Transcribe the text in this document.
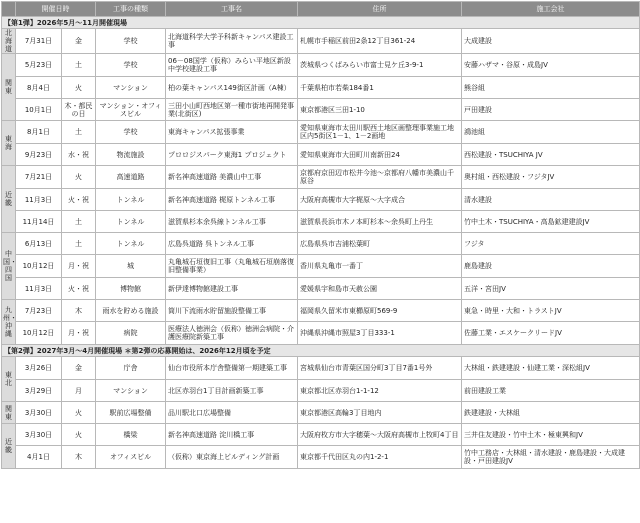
	開催日時		工事の種類	工事名	住所	施工会社
【第1弾】2026年5月～11月開催現場						
北海道	7月31日	金	学校	北海道科学大学予科新キャンパス建設工事	札幌市手稲区前田2条12丁目361-24	大成建設
関東	5月23日	土	学校	06－08国学（仮称）みらい平地区新設中学校建設工事	茨城県つくばみらい市富士見ケ丘3-9-1	安藤ハザマ・谷原・成島JV
	8月4日	火	マンション	柏の葉キャンパス149街区計画（A棟）	千葉県柏市若柴184番1	熊谷組
	10月1日	木・都民の日	マンション・オフィスビル	三田小山町西地区第一種市街地再開発事業(北街区)	東京都港区三田1-10	戸田建設
東海	8月1日	土	学校	東海キャンパス拡張事業	愛知県東海市太田川駅西土地区画整理事業施工地区内5街区1－1、1－2画地	鴻池組
	9月23日	水・祝	物流施設	プロロジスパーク東海1 プロジェクト	愛知県東海市大田町川南新田24	西松建設・TSUCHIYA JV
近畿	7月21日	火	高速道路	新名神高速道路 美濃山中工事	京都府京田辺市松井今池～京都府八幡市美濃山千原谷	奥村組・西松建設・フジタJV
	11月3日	火・祝	トンネル	新名神高速道路 梶原トンネル工事	大阪府高槻市大字梶原～大字成合	清水建設
	11月14日	土	トンネル	滋賀県杉本余呉線トンネル工事	滋賀県長浜市木ノ本町杉本～余呉町上丹生	竹中土木・TSUCHIYA・高島鉱建建設JV
中国・四国	6月13日	土	トンネル	広島呉道路 呉トンネル工事	広島県呉市吉浦松葉町	フジタ
	10月12日	月・祝	城	丸亀城石垣復旧工事（丸亀城石垣崩落復旧整備事業）	香川県丸亀市一番丁	鹿島建設
	11月3日	火・祝	博物館	新伊達博物館建設工事	愛媛県宇和島市天赦公園	五洋・宮田JV
九州・沖縄	7月23日	木	雨水を貯める施設	筒川下流雨水貯留施設整備工事	福岡県久留米市東櫛原町569-9	東急・時里・大和・トラストJV
	10月12日	月・祝	病院	医療法人徳洲会（仮称）徳洲会病院・介護医療院新築工事	沖縄県沖縄市照屋3丁目333-1	佐藤工業・エスケークリードJV
【第2弾】2027年3月～4月開催現場 ＊第2弾の応募開始は、2026年12月頃を予定						
東北	3月26日	金	庁舎	仙台市役所本庁舎整備第一期建築工事	宮城県仙台市青葉区国分町3丁目7番1号外	大林組・鉄建建設・仙建工業・深松組JV
	3月29日	月	マンション	北区赤羽台1丁目計画新築工事	東京都北区赤羽台1-1-12	前田建設工業
関東	3月30日	火	駅前広場整備	品川駅北口広場整備	東京都港区高輪3丁目地内	鉄建建設・大林組
近畿	3月30日	火	橋梁	新名神高速道路 淀川橋工事	大阪府枚方市大字穂葉～大阪府高槻市上牧町4丁目	三井住友建設・竹中土木・極東興和JV
	4月1日	木	オフィスビル	（仮称）東京海上ビルディング計画	東京都千代田区丸の内1-2-1	竹中工務店・大林組・清水建設・鹿島建設・大成建設・戸田建設JV
